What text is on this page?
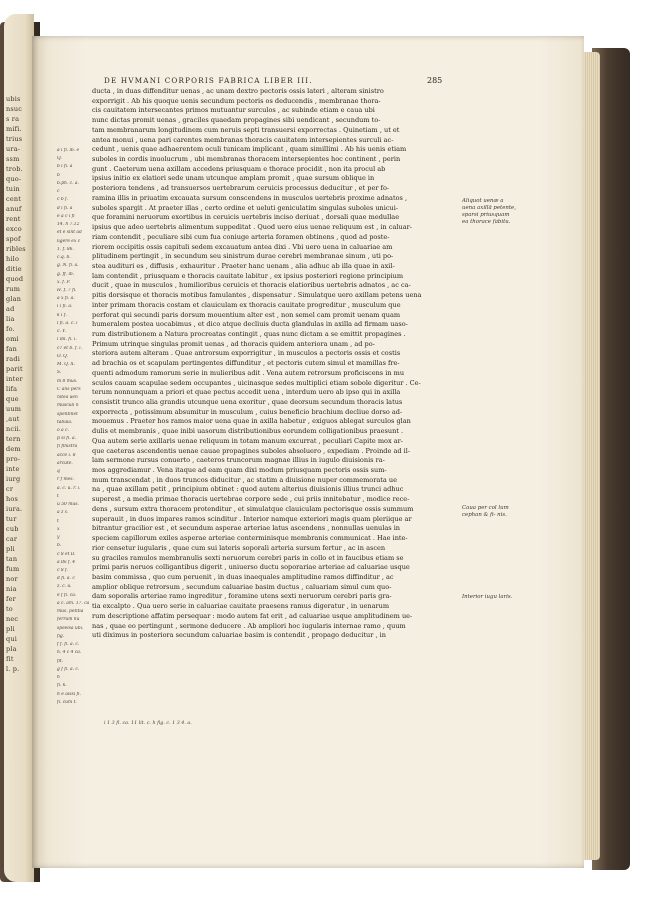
ubis
nsuc
s ra
mifi.
trius
ura-
ssm
trob.
quo-
tuin
cent
anuf
rent
exco
spof
ribles
hilo
ditie
quod
rum
glan
ad
lia
fo.
omi
fan
radi
parit
inter
lifa
que
uum
,aut
ncii.
tern
dem
pro-
inte
iurg
cr
hos
iura.
tur
cub
car
pli
tan
fum
nor
nia
fer
to
nec
pli
qui
pla
fit
l. p.
DE HVMANI CORPORIS FABRICA LIBER III.	285
ducta , in duas diffenditur uenas , ac unam dextro pectoris ossis lateri , alteram sinistro
exporrigit . Ab his quoque uenis secundum pectoris os deducendis , membranae thora-
cis cauitatem intersecantes primos mutuantur surculos , ac subinde etiam e caua ubi
nunc dictas promit uenas , graciles quaedam propagines sibi uendicant , secundum to-
tam membranarum longitudinem cum neruis septi transuersi exporrectas . Quinetiam , ut et
antea monui , uena pari carentes membranas thoracis cauitatem intersepientes surculi ac-
cedunt , uenis quae adhaerentem oculi tunicam implicant , quam simillimi . Ab his uenis etiam
suboles in cordis inuolucrum , ubi membranas thoracem intersepientes hoc continent , perin
gunt . Caeterum uena axillam accedens priusquam e thorace procidit , non ita procul ab
ipsius initio ex elatiori sede unam utcunque amplam promit , quae sursum oblique in
posteriora tendens , ad transuersos uertebrarum ceruicis processus deducitur , et per fo-
ramina illis in priuatim excauata sursum conscendens in musculos uertebris proxime adnatos ,
suboles spargit . At praeter illas , certo ordine et ueluti geniculatim singulas suboles unicui-
que foramini neruorum exortibus in ceruicis uertebris inciso deriuat , dorsali quae medullae
ipsius que adeo uertebris alimentum suppeditat . Quod uero eius uenae reliquum est , in caluar-
riam contendit , peculiare sibi cum fua coniuge arteria foramen obtinens , quod ad poste-
riorem occipitis ossis capituli sedem excauatum antea dixi . Vbi uero uena in caluariae am
plitudinem pertingit , in secundum seu sinistrum durae cerebri membranae sinum , uti po-
stea audituri es , diffusis , exhauritur . Praeter hanc uenam , alia adhuc ab illa quae in axil-
lam contendit , priusquam e thoracis cauitate labitur , ex ipsius posteriori regione principium
ducit , quae in musculos , humilioribus ceruicis et thoracis elatioribus uertebris adnatos , ac ca-
pitis dorsisque et thoracis motibus famulantes , dispensatur . Simulatque uero axillam petens uena
inter primam thoracis costam et clauiculam ex thoracis cauitate progreditur , musculum que
perforat qui secundi paris dorsum mouentium alter est , non semel cam promit uenam quam
humeralem postea uocabimus , et dico atque decliuis ducta glandulas in axilla ad firmam uaso-
rum distributionem a Natura procreatas contingit , quas nunc dictam a se emittit propagines .
Primum utrinque singulas promit uenas , ad thoracis quidem anteriora unam , ad po-
steriora autem alteram . Quae antrorsum exporrigitur , in musculos a pectoris ossis et costis
ad brachia os et scapulam pertingentes diffunditur , et pectoris cutem simul et mamillas fre-
quenti admodum ramorum serie in mulieribus adit . Vena autem retrorsum proficiscens in mu
sculos cauam scapulae sedem occupantes , uicinasque sedes multiplici etiam sobole digeritur . Ce-
terum nonnunquam a priori et quae pectus accedit uena , interdum uero ab ipso qui in axilla
consistit trunco alia grandis utcunque uena exoritur , quae deorsum secundum thoracis latus
exporrecta , potissimum absumitur in musculum , cuius beneficio brachium decliue dorso ad-
mouemus . Praeter hos ramos maior uena quae in axilla habetur , exiguos ablegat surculos glan
dulis et membranis , quae inibi uasorum distributionibus eorundem colligationibus praesunt .
Qua autem serie axillaris uenae reliquum in totam manum excurrat , peculiari Capite mox ar-
que caeteras ascendentis uenae cauae propagines suboles absoluero , expediam . Proinde ad il-
lam sermone rursus conuerto , caeteros truncorum magnae illius in iugulo diuisionis ra-
mos aggrediamur . Vena itaque ad eam quam dixi modum priusquam pectoris ossis sum-
mum transcendat , in duos truncos diducitur , ac statim a diuisione nuper commemorata ue
na , quae axillam petit , principium obtinet : quod autem alterius diuisionis illius trunci adhuc
superest , a media primae thoracis uertebrae corpore sede , cui priis innitebatur , modice rece-
dens , sursum extra thoracem protenditur , et simulatque clauiculam pectorisque ossis summum
superauit , in duos impares ramos scinditur . Interior namque exteriori magis quam pleriique ar
bitrantur gracilior est , et secundum asperae arteriae latus ascendens , nonnullas uenulas in
speciem capillorum exiles asperae arteriae conterminisque membranis communicat . Hae inte-
rior censetur iugularis , quae cum sui lateris soporali arteria sursum fertur , ac in ascen
su graciles ramulos membranulis sexti neruorum cerebri paris in collo et in faucibus etiam se
primi paris neruos colligantibus digerit , uniuerso ductu soporariae arteriae ad caluariae usque
basim commissa , quo cum peruenit , in duas inaequales amplitudine ramos diffinditur , ac
amplior oblique retrorsum , secundum caluariae basim ductus , caluariam simul cum quo-
dam soporalis arteriae ramo ingreditur , foramine utens sexti neruorum cerebri paris gra-
tia excalpto . Qua uero serie in caluariae cauitate praesens ramus digeratur , in uenarum
rum descriptione affatim persequar : modo autem fat erit , ad caluariae usque amplitudinem ue-
nas , quae eo pertingunt , sermone deducere . Ab ampliori hoc iugularis internae ramo , quum
uti diximus in posteriora secundum caluariae basim is contendit , propago deducitur , in
a i fi. ib. e
Q.
b i fi. a
b
b.ph. c. a.
c
c b f.
d i fi. a
e a c i fi
14. h 7.12
et e sint ad
ligere ex c
1. f. 86.
c.q. b.
g. N. fi. a.
g. ff. ib.
x. f. P.
H. f. 7 fi.
a x fi. a.
i i fi. a.
k i f.
l fi. a. c. i
c. Y.
i ibi. fi. i.
c7 et b. f. i.
O. Q.
M. Q. X.
S.
m 8 mus.
C ans pers
nitea uen
musculi n
spentinet
tabula.
o a c.
p si fi. a.
fi finistra
acce i. 8
arcute.
q
r f mes.
a. c. u. r. i.
t
u 50 mus.
a z c.
t
x
y
b.
c 8 et D.
a lbi f. 4
c 8 f.
d fi. a. c
z. c. u.
e f fi. ca.
a c. am. 17. ca
mus. petitia
ferrum hu
speelsa ubi.
fig.
f f. fi. a. c.
h. 4 c 4 ca.
fit.
g f fi. a. c.
h
fi. k.
h e aissi fi.
fi. cum t.
Aliquot uenæ a uena axillā petente, sparsi priusquam ea thorace fabitu.
Caua per col lum cephan & fi- nis.
Interior iugu laris.
i 1 3 fi. ca. 11 lit. c. h fig. c. 1 3 4. a.
